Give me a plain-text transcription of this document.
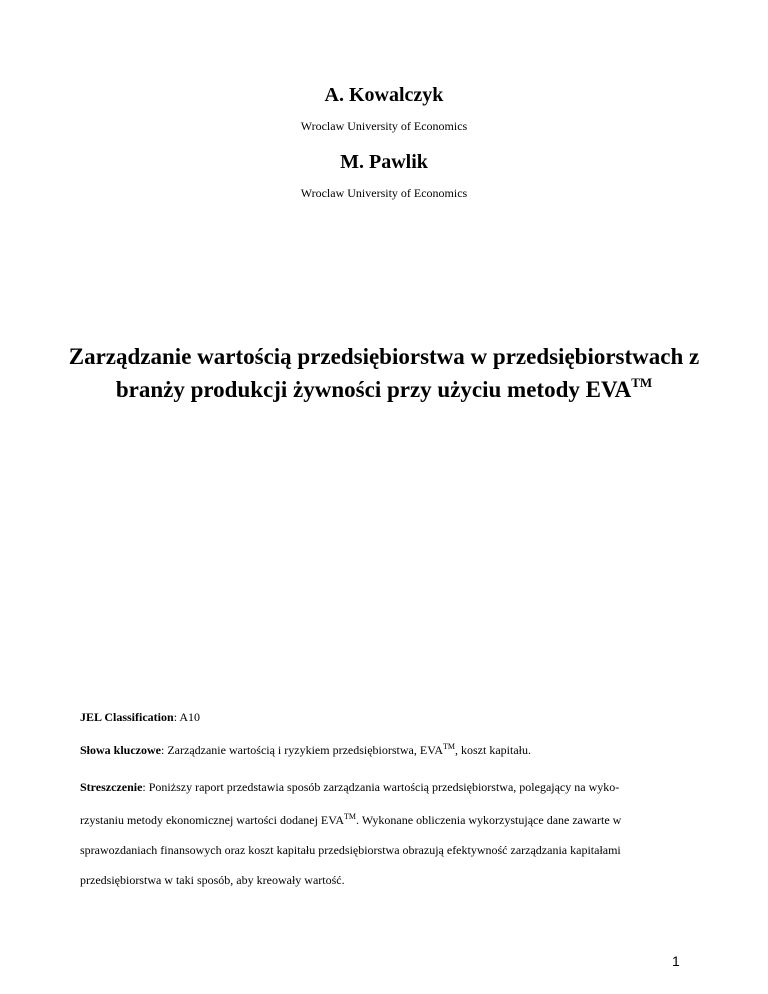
A. Kowalczyk
Wroclaw University of Economics
M. Pawlik
Wroclaw University of Economics
Zarządzanie wartością przedsiębiorstwa w przedsiębiorstwach z
branży produkcji żywności przy użyciu metody EVA™
JEL Classification: A10
Słowa kluczowe: Zarządzanie wartością i ryzykiem przedsiębiorstwa, EVA™, koszt kapitału.
Streszczenie: Poniższy raport przedstawia sposób zarządzania wartością przedsiębiorstwa, polegający na wyko-
rzystaniu metody ekonomicznej wartości dodanej EVA™. Wykonane obliczenia wykorzystujące dane zawarte w
sprawozdaniach finansowych oraz koszt kapitału przedsiębiorstwa obrazują efektywność zarządzania kapitałami
przedsiębiorstwa w taki sposób, aby kreowały wartość.
1
